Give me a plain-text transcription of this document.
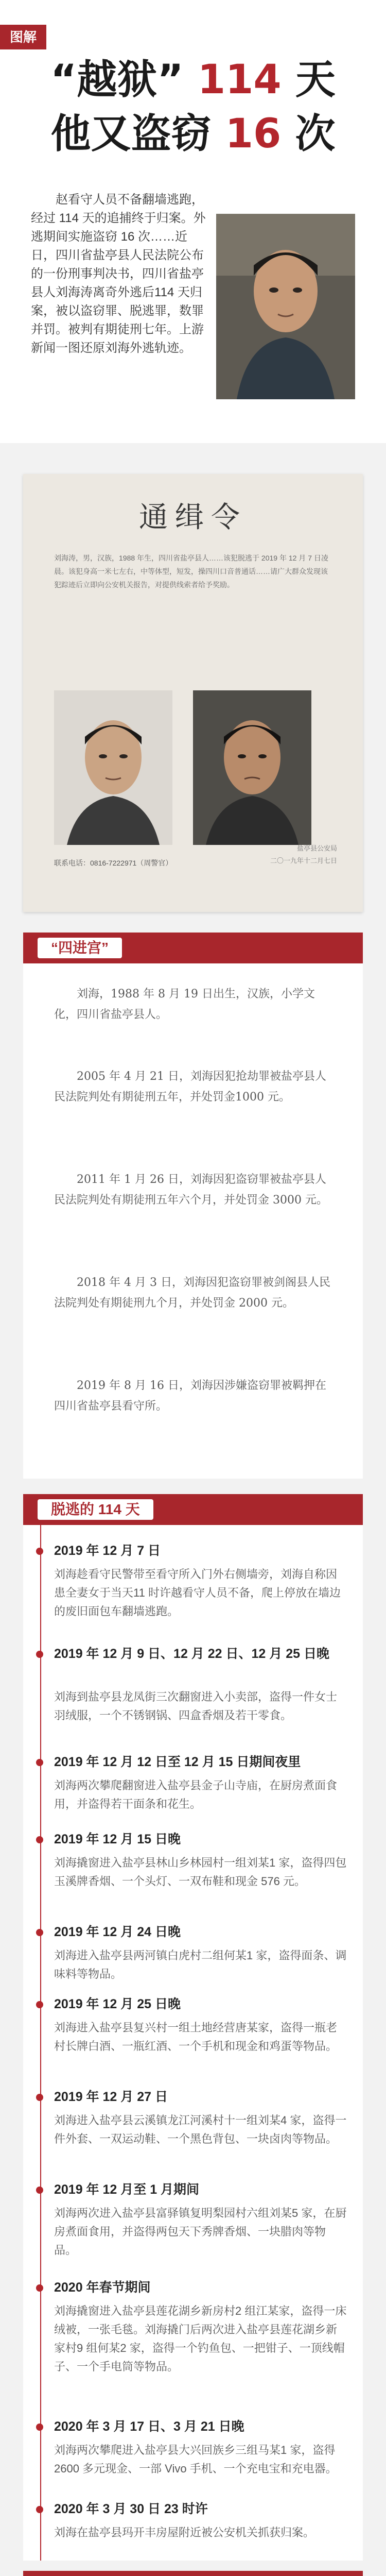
图解
“越狱” 114 天
他又盗窃 16 次
赵看守人员不备翻墙逃跑，经过 114 天的追捕终于归案。外逃期间实施盗窃 16 次……近日，四川省盐亭县人民法院公布的一份刑事判决书，四川省盐亭县人刘海涛离奇外逃后114 天归案，被以盗窃罪、脱逃罪，数罪并罚。被判有期徒刑七年。上游新闻一图还原刘海外逃轨迹。
通缉令
刘海涛，男，汉族，1988 年生，四川省盐亭县人……该犯脱逃于 2019 年 12 月 7 日凌晨。该犯身高一米七左右，中等体型，短发，操四川口音普通话……请广大群众发现该犯踪迹后立即向公安机关报告，对提供线索者给予奖励。
联系电话：0816-7222971（周警官）
盐亭县公安局
二〇一九年十二月七日
“四进宫”
刘海，1988 年 8 月 19 日出生，汉族，小学文化，四川省盐亭县人。
2005 年 4 月 21 日，刘海因犯抢劫罪被盐亭县人民法院判处有期徒刑五年，并处罚金1000 元。
2011 年 1 月 26 日，刘海因犯盗窃罪被盐亭县人民法院判处有期徒刑五年六个月，并处罚金 3000 元。
2018 年 4 月 3 日，刘海因犯盗窃罪被剑阁县人民法院判处有期徒刑九个月，并处罚金 2000 元。
2019 年 8 月 16 日，刘海因涉嫌盗窃罪被羁押在四川省盐亭县看守所。
脱逃的 114 天
2019 年 12 月 7 日
刘海趁看守民警带至看守所入门外右侧墙旁，刘海自称因患全妻女于当天11 时许越看守人员不备，爬上停放在墙边的废旧面包车翻墙逃跑。
2019 年 12 月 9 日、12 月 22 日、12 月 25 日晚
刘海到盐亭县龙凤街三次翻窗进入小卖部，盗得一件女士羽绒服，一个不锈钢锅、四盒香烟及若干零食。
2019 年 12 月 12 日至 12 月 15 日期间夜里
刘海两次攀爬翻窗进入盐亭县金子山寺庙，在厨房煮面食用，并盗得若干面条和花生。
2019 年 12 月 15 日晚
刘海撬窗进入盐亭县林山乡林园村一组刘某1 家，盗得四包玉溪牌香烟、一个头灯、一双布鞋和现金 576 元。
2019 年 12 月 24 日晚
刘海进入盐亭县两河镇白虎村二组何某1 家，盗得面条、调味料等物品。
2019 年 12 月 25 日晚
刘海进入盐亭县复兴村一组土地经营唐某家，盗得一瓶老村长牌白酒、一瓶红酒、一个手机和现金和鸡蛋等物品。
2019 年 12 月 27 日
刘海进入盐亭县云溪镇龙江河溪村十一组刘某4 家，盗得一件外套、一双运动鞋、一个黑色背包、一块卤肉等物品。
2019 年 12 月至 1 月期间
刘海两次进入盐亭县富驿镇复明梨园村六组刘某5 家，在厨房煮面食用，并盗得两包天下秀牌香烟、一块腊肉等物品。
2020 年春节期间
刘海撬窗进入盐亭县莲花湖乡新房村2 组江某家，盗得一床绒被，一张毛毯。刘海撬门后两次进入盐亭县莲花湖乡新家村9 组何某2 家，盗得一个钓鱼包、一把钳子、一顶线帽子、一个手电筒等物品。
2020 年 3 月 17 日、3 月 21 日晚
刘海两次攀爬进入盐亭县大兴回族乡三组马某1 家，盗得 2600 多元现金、一部 Vivo 手机、一个充电宝和充电器。
2020 年 3 月 30 日 23 时许
刘海在盐亭县玛开丰房屋附近被公安机关抓获归案。
